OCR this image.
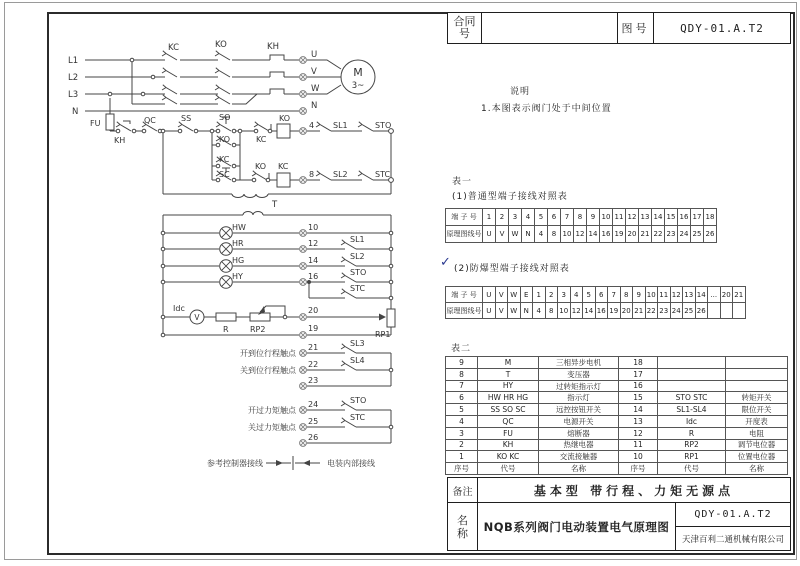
L1
L2
L3
N
KC	KO	KH
U
V
W
N
M
3~
FU
KH
QC	SS	SO
KO
KC
SC
KC
KO
KO KC
4 SL1	STO
8 SL2	STC
T
HW
HR
HG
HY
10
12
14
16
SL1
SL2
STO
STC
Idc
V
R	RP2
20
19
RP1
开到位行程触点
关到位行程触点
开过力矩触点
关过力矩触点
21
22
23
24
25
26
SL3
SL4
STO
STC
参考控制器接线	电装内部接线
合同号	图号	QDY-01.A.T2
说明
1.本图表示阀门处于中间位置
表一
(1)普通型端子接线对照表
端 子 号	1	2	3	4	5	6	7	8	9 10 11 12 13 14 15 16 17 18
原理图线号 U	V	W N	4	8 10 12 14 16 19 20 21 22 23 24 25 26
✓ (2)防爆型端子接线对照表
端 子 号	U	V W E	1	2	3	4	5	6	7	8	9 10 11 12 13 14 ... 20 21
原理图线号 U	V W N	4	8 10 12 14 16 19 20 21 22 23 24 25 26
表二
9	M	三相异步电机	18
8	T	变压器	17
7	HY	过转矩指示灯	16
6	HW HR HG	指示灯	15	STO STC	转矩开关
5	SS SO SC	远控按钮开关	14	SL1-SL4	限位开关
4	QC	电源开关	13	Idc	开度表
3	FU	熔断器	12	R	电阻
2	KH	热继电器	11	RP2	调节电位器
1	KO KC	交流接触器	10	RP1	位置电位器
序号	代号	名称	序号	代号	名称
备注	基本型 带行程、力矩无源点
名称	NQB系列阀门电动装置电气原理图
QDY-01.A.T2
天津百利二通机械有限公司
